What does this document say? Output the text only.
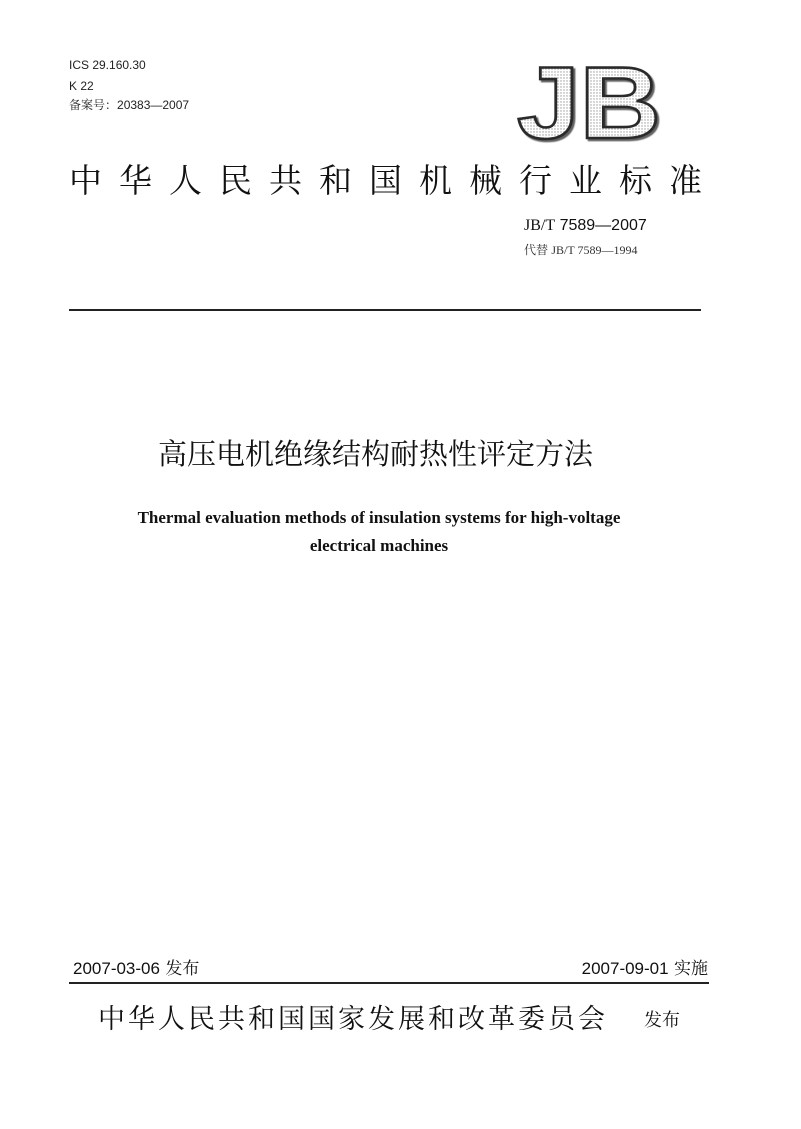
ICS 29.160.30
K 22
备案号：20383—2007	JB
中华人民共和国机械行业标准
JB/T 7589—2007
代替 JB/T 7589—1994
高压电机绝缘结构耐热性评定方法
Thermal evaluation methods of insulation systems for high-voltage
electrical machines
2007-03-06 发布	2007-09-01 实施
中华人民共和国国家发展和改革委员会 发布
